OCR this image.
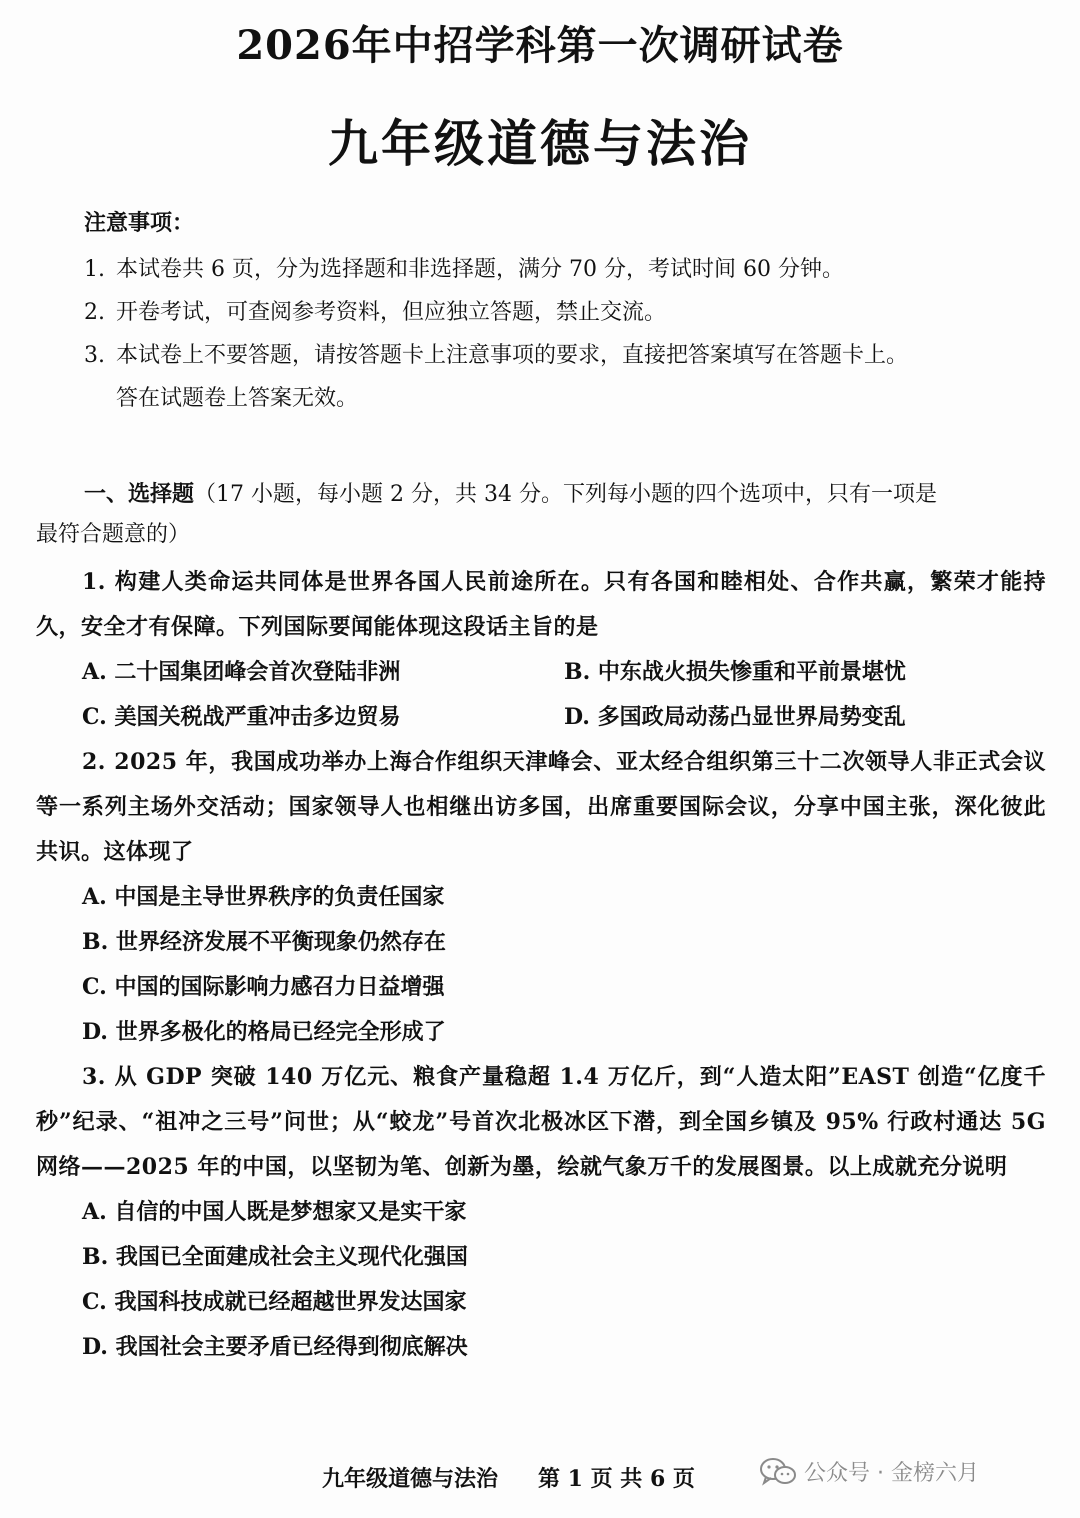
2026年中招学科第一次调研试卷
九年级道德与法治
注意事项：
1. 本试卷共 6 页，分为选择题和非选择题，满分 70 分，考试时间 60 分钟。
2. 开卷考试，可查阅参考资料，但应独立答题，禁止交流。
3. 本试卷上不要答题，请按答题卡上注意事项的要求，直接把答案填写在答题卡上。
答在试题卷上答案无效。
一、选择题（17 小题，每小题 2 分，共 34 分。下列每小题的四个选项中，只有一项是
最符合题意的）
1. 构建人类命运共同体是世界各国人民前途所在。只有各国和睦相处、合作共赢，繁荣才能持久，安全才有保障。下列国际要闻能体现这段话主旨的是
A. 二十国集团峰会首次登陆非洲	B. 中东战火损失惨重和平前景堪忧
C. 美国关税战严重冲击多边贸易	D. 多国政局动荡凸显世界局势变乱
2. 2025 年，我国成功举办上海合作组织天津峰会、亚太经合组织第三十二次领导人非正式会议等一系列主场外交活动；国家领导人也相继出访多国，出席重要国际会议，分享中国主张，深化彼此共识。这体现了
A. 中国是主导世界秩序的负责任国家
B. 世界经济发展不平衡现象仍然存在
C. 中国的国际影响力感召力日益增强
D. 世界多极化的格局已经完全形成了
3. 从 GDP 突破 140 万亿元、粮食产量稳超 1.4 万亿斤，到“人造太阳”EAST 创造“亿度千秒”纪录、“祖冲之三号”问世；从“蛟龙”号首次北极冰区下潜，到全国乡镇及 95% 行政村通达 5G 网络——2025 年的中国，以坚韧为笔、创新为墨，绘就气象万千的发展图景。以上成就充分说明
A. 自信的中国人既是梦想家又是实干家
B. 我国已全面建成社会主义现代化强国
C. 我国科技成就已经超越世界发达国家
D. 我国社会主要矛盾已经得到彻底解决
九年级道德与法治 第 1 页 共 6 页	公众号 · 金榜六月
